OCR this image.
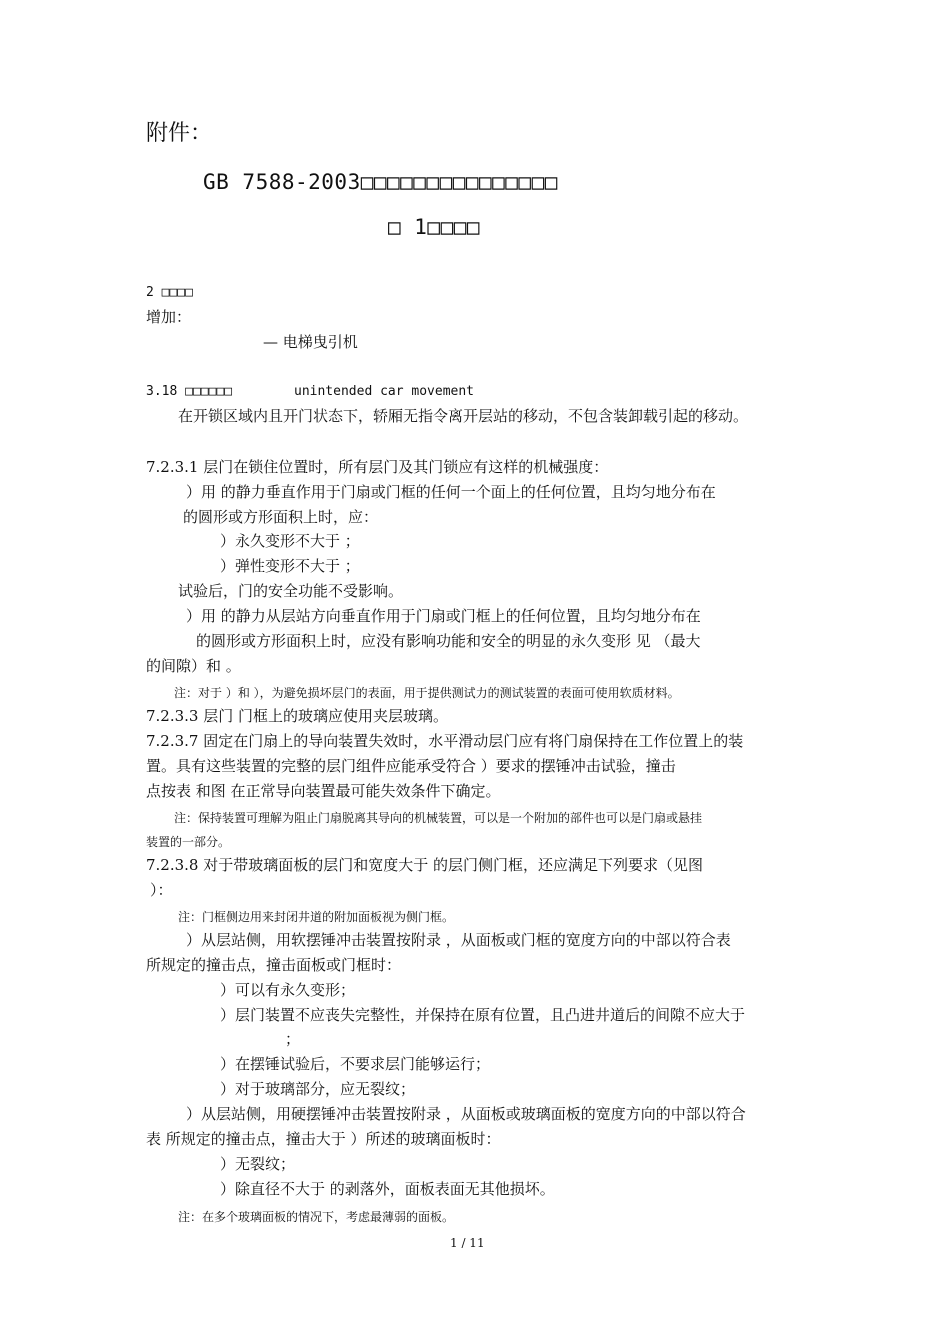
附件：
GB 7588-2003□□□□□□□□□□□□□□□
□ 1□□□□
2 □□□□
增加：
— 电梯曳引机
3.18 □□□□□□	unintended car movement
在开锁区域内且开门状态下，轿厢无指令离开层站的移动，不包含装卸载引起的移动。
7.2.3.1 层门在锁住位置时，所有层门及其门锁应有这样的机械强度：
）用 的静力垂直作用于门扇或门框的任何一个面上的任何位置，且均匀地分布在
的圆形或方形面积上时，应：
）永久变形不大于 ；
）弹性变形不大于 ；
试验后，门的安全功能不受影响。
）用 的静力从层站方向垂直作用于门扇或门框上的任何位置，且均匀地分布在
的圆形或方形面积上时，应没有影响功能和安全的明显的永久变形 见 （最大
的间隙）和 。
注：对于 ）和 ），为避免损坏层门的表面，用于提供测试力的测试装置的表面可使用软质材料。
7.2.3.3 层门 门框上的玻璃应使用夹层玻璃。
7.2.3.7 固定在门扇上的导向装置失效时，水平滑动层门应有将门扇保持在工作位置上的装
置。具有这些装置的完整的层门组件应能承受符合 ）要求的摆锤冲击试验，撞击
点按表 和图 在正常导向装置最可能失效条件下确定。
注：保持装置可理解为阻止门扇脱离其导向的机械装置，可以是一个附加的部件也可以是门扇或悬挂
装置的一部分。
7.2.3.8 对于带玻璃面板的层门和宽度大于 的层门侧门框，还应满足下列要求（见图
）：
注：门框侧边用来封闭井道的附加面板视为侧门框。
）从层站侧，用软摆锤冲击装置按附录 ，从面板或门框的宽度方向的中部以符合表
所规定的撞击点，撞击面板或门框时：
）可以有永久变形；
）层门装置不应丧失完整性，并保持在原有位置，且凸进井道后的间隙不应大于
；
）在摆锤试验后，不要求层门能够运行；
）对于玻璃部分，应无裂纹；
）从层站侧，用硬摆锤冲击装置按附录 ，从面板或玻璃面板的宽度方向的中部以符合
表 所规定的撞击点，撞击大于 ）所述的玻璃面板时：
）无裂纹；
）除直径不大于 的剥落外，面板表面无其他损坏。
注：在多个玻璃面板的情况下，考虑最薄弱的面板。
1 / 11
